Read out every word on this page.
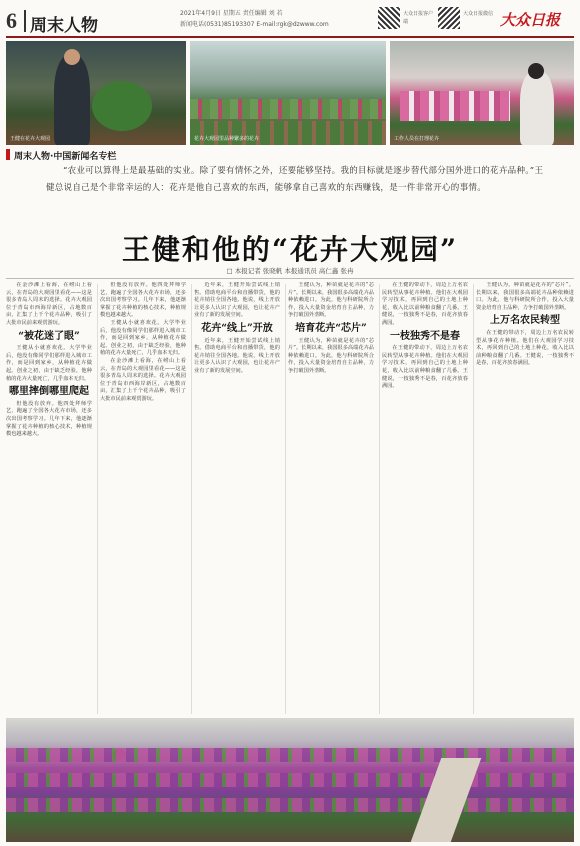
6 周末人物
2021年4月9日 星期五 责任编辑 刘 若
新闻电话(0531)85193307 E-mail:rgk@dzwww.com
大众日报客户端
大众日报微信 大众日报
王健在花卉大观园	花卉大观园里品种繁多的花卉	工作人员在打理花卉
周末人物·中国新闻名专栏
“农业可以算得上是最基础的实业。除了要有情怀之外，还要能够坚持。我的目标就是逐步替代部分国外进口的花卉品种。”王健总说自己是个非常幸运的人：花卉是他自己喜欢的东西，能够拿自己喜欢的东西赚钱，是一件非常开心的事情。
王健和他的“花卉大观园”
□ 本报记者 张晓帆 本报通讯员 高仁鑫 张冉

在金沙滩上看海，在崂山上看云，在青岛的大观园里看花——这是很多青岛人周末的选择。花卉大观园位于青岛市西海岸新区，占地数百亩，汇集了上千个花卉品种，吸引了大批市民前来观赏游玩。

“被花迷了眼”

王健从小就喜欢花。大学毕业后，他没有像同学们那样进入城市工作，而是回到家乡，从种植花卉做起。创业之初，由于缺乏经验，他种植的花卉大量死亡，几乎血本无归。

哪里摔倒哪里爬起

但他没有放弃。他四处拜师学艺，跑遍了全国各大花卉市场，还多次出国考察学习。几年下来，他逐渐掌握了花卉种植的核心技术，种植规模也越来越大。

但他没有放弃。他四处拜师学艺，跑遍了全国各大花卉市场，还多次出国考察学习。几年下来，他逐渐掌握了花卉种植的核心技术，种植规模也越来越大。

王健从小就喜欢花。大学毕业后，他没有像同学们那样进入城市工作，而是回到家乡，从种植花卉做起。创业之初，由于缺乏经验，他种植的花卉大量死亡，几乎血本无归。

在金沙滩上看海，在崂山上看云，在青岛的大观园里看花——这是很多青岛人周末的选择。花卉大观园位于青岛市西海岸新区，占地数百亩，汇集了上千个花卉品种，吸引了大批市民前来观赏游玩。

近年来，王健开始尝试线上销售。借助电商平台和直播带货，他的花卉销往全国各地。他说，线上开放让更多人认识了大观园，也让花卉产业有了新的发展空间。

花卉“线上”开放

近年来，王健开始尝试线上销售。借助电商平台和直播带货，他的花卉销往全国各地。他说，线上开放让更多人认识了大观园，也让花卉产业有了新的发展空间。

王健认为，种苗就是花卉的“芯片”。长期以来，我国很多高端花卉品种依赖进口。为此，他与科研院所合作，投入大量资金培育自主品种，力争打破国外垄断。

培育花卉“芯片”

王健认为，种苗就是花卉的“芯片”。长期以来，我国很多高端花卉品种依赖进口。为此，他与科研院所合作，投入大量资金培育自主品种，力争打破国外垄断。

在王健的带动下，周边上万名农民转型从事花卉种植。他们在大观园学习技术，再回到自己的土地上种花，收入比以前种粮食翻了几番。王健说，一枝独秀不是春，百花齐放春满园。

一枝独秀不是春

在王健的带动下，周边上万名农民转型从事花卉种植。他们在大观园学习技术，再回到自己的土地上种花，收入比以前种粮食翻了几番。王健说，一枝独秀不是春，百花齐放春满园。

王健认为，种苗就是花卉的“芯片”。长期以来，我国很多高端花卉品种依赖进口。为此，他与科研院所合作，投入大量资金培育自主品种，力争打破国外垄断。

上万名农民转型

在王健的带动下，周边上万名农民转型从事花卉种植。他们在大观园学习技术，再回到自己的土地上种花，收入比以前种粮食翻了几番。王健说，一枝独秀不是春，百花齐放春满园。
